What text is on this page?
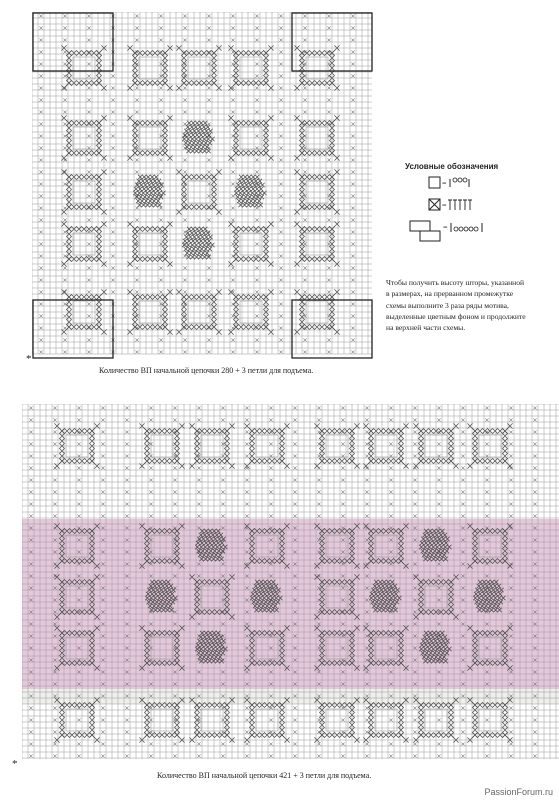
*
Количество ВП начальной цепочки 280 + 3 петли для подъема.
Условные обозначения
=
=
=
Чтобы получить высоту шторы, указанной в размерах, на прерванном промежутке схемы выполните 3 раза ряды мотива, выделенные цветным фоном и продолжите на верхней части схемы.
*
Количество ВП начальной цепочки 421 + 3 петли для подъема.
PassionForum.ru
